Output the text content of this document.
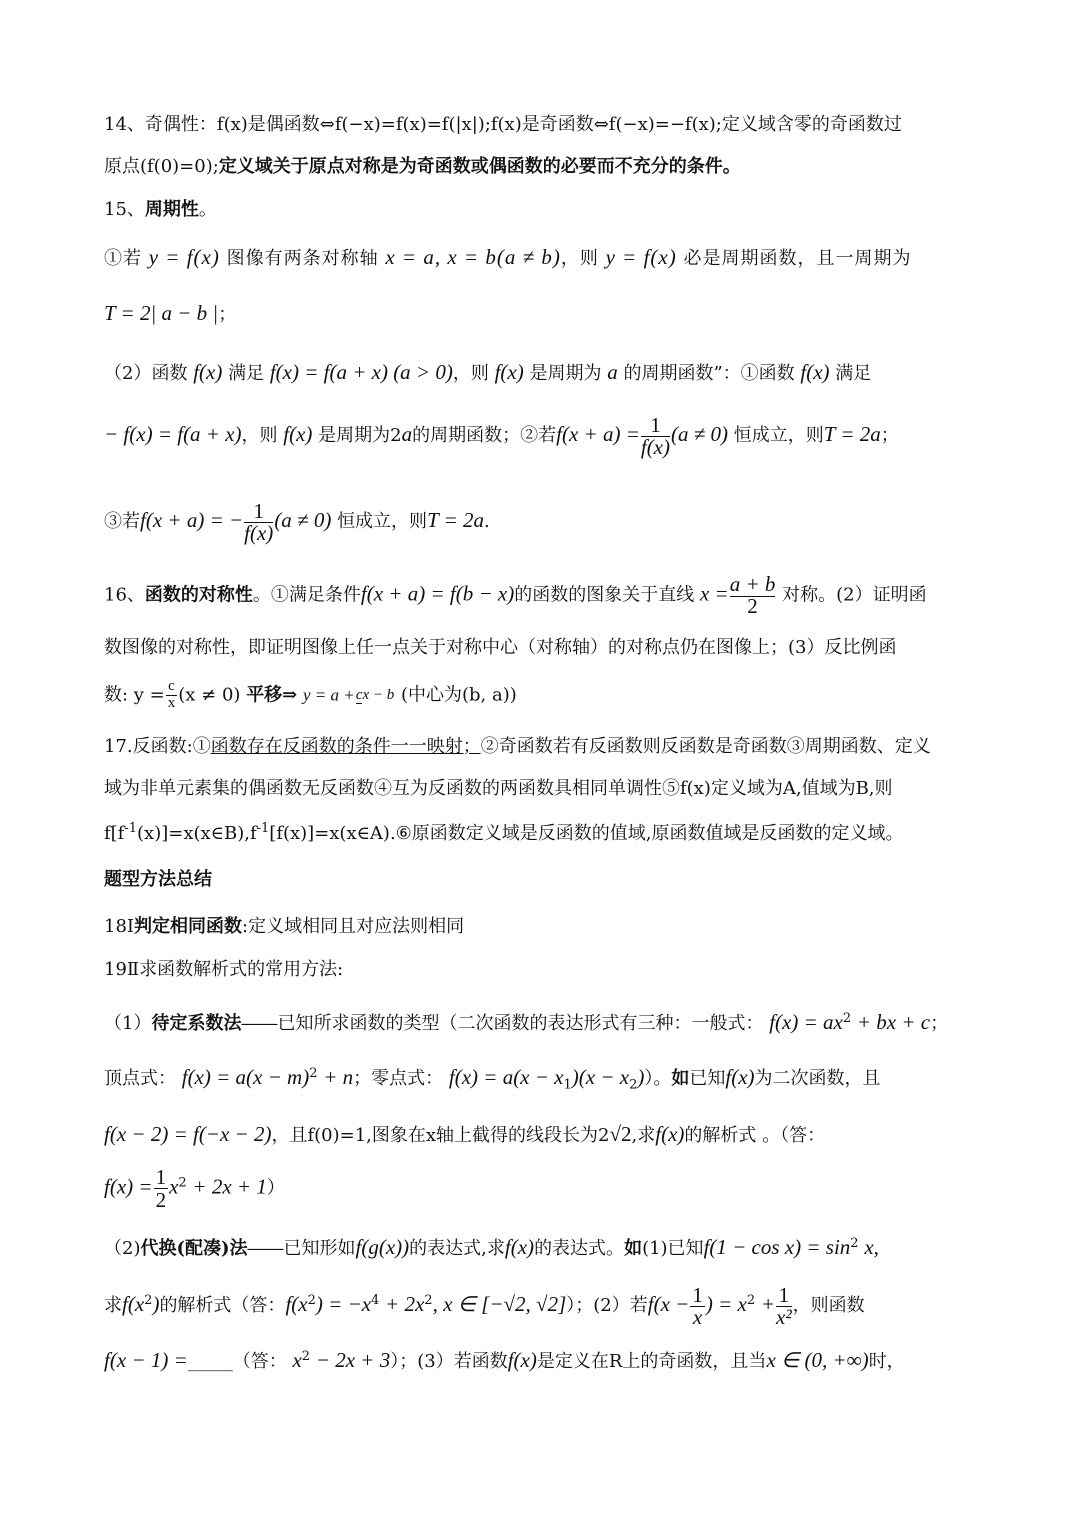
14、奇偶性：f(x)是偶函数⇔f(−x)=f(x)=f(|x|);f(x)是奇函数⇔f(−x)=−f(x);定义域含零的奇函数过
原点(f(0)=0);定义域关于原点对称是为奇函数或偶函数的必要而不充分的条件。
15、周期性。
①若 y = f(x) 图像有两条对称轴 x = a, x = b(a ≠ b)，则 y = f(x) 必是周期函数，且一周期为
T = 2| a − b |；
（2）函数 f(x) 满足 f(x) = f(a + x) (a > 0)，则 f(x) 是周期为 a 的周期函数”：①函数 f(x) 满足
− f(x) = f(a + x)，则 f(x) 是周期为2a的周期函数；②若$f(x + a) = \frac{1}{f(x)}(a \ne 0)$ 恒成立，则T = 2a；
③若f(x + a) = − $\frac{1}{f(x)}(a \ne 0)$ 恒成立，则T = 2a.
16、函数的对称性。①满足条件f(x + a) = f(b − x)的函数的图象关于直线 $x =\frac{a + b}{2}$ 对称。(2）证明函
数图像的对称性，即证明图像上任一点关于对称中心（对称轴）的对称点仍在图像上；(3）反比例函
数: $y = \frac{c}{x} (x \ne 0)$ 平移⇒ y = a +cx − b (中心为(b, a))
17.反函数:①函数存在反函数的条件一一映射；②奇函数若有反函数则反函数是奇函数③周期函数、定义
域为非单元素集的偶函数无反函数④互为反函数的两函数具相同单调性⑤f(x)定义域为A,值域为B,则
$f[f^{-1}(x)]=x(x\in B),f^{-1}[f(x)]=x(x\in A).⑥$原函数定义域是反函数的值域,原函数值域是反函数的定义域。
题型方法总结
18Ⅰ判定相同函数:定义域相同且对应法则相同
19Ⅱ求函数解析式的常用方法:
（1）待定系数法――已知所求函数的类型（二次函数的表达形式有三种：一般式： $f(x) = ax^2$ + bx + c；
顶点式： $f(x) = a(x - m)^2 + n$；零点式： $f(x) = a(x - x_1)(x - x_2)$）。如已知f(x)为二次函数，且
f(x − 2) = f(−x − 2)，且f(0)=1,图象在x轴上截得的线段长为2√2,求f(x)的解析式 。（答：
$f(x) = \frac{1}{2} x^2 + 2x + 1$）
（2)代换(配凑)法――已知形如f(g(x))的表达式,求f(x)的表达式。如(1)已知$f(1 - \cos x) = \sin^2 x$,
求$f(x^2)$的解析式（答：$f(x^2) = -x^4 + 2x^2$, x ∈ [−√2, √2]）；(2）若$f(x - \frac{1}{x}) = x^2 + \frac{1}{\text{x²}}$，则函数
f(x − 1) =_____（答： $x^2 - 2x + 3$）；(3）若函数f(x)是定义在R上的奇函数，且当x ∈ (0, +∞)时，
